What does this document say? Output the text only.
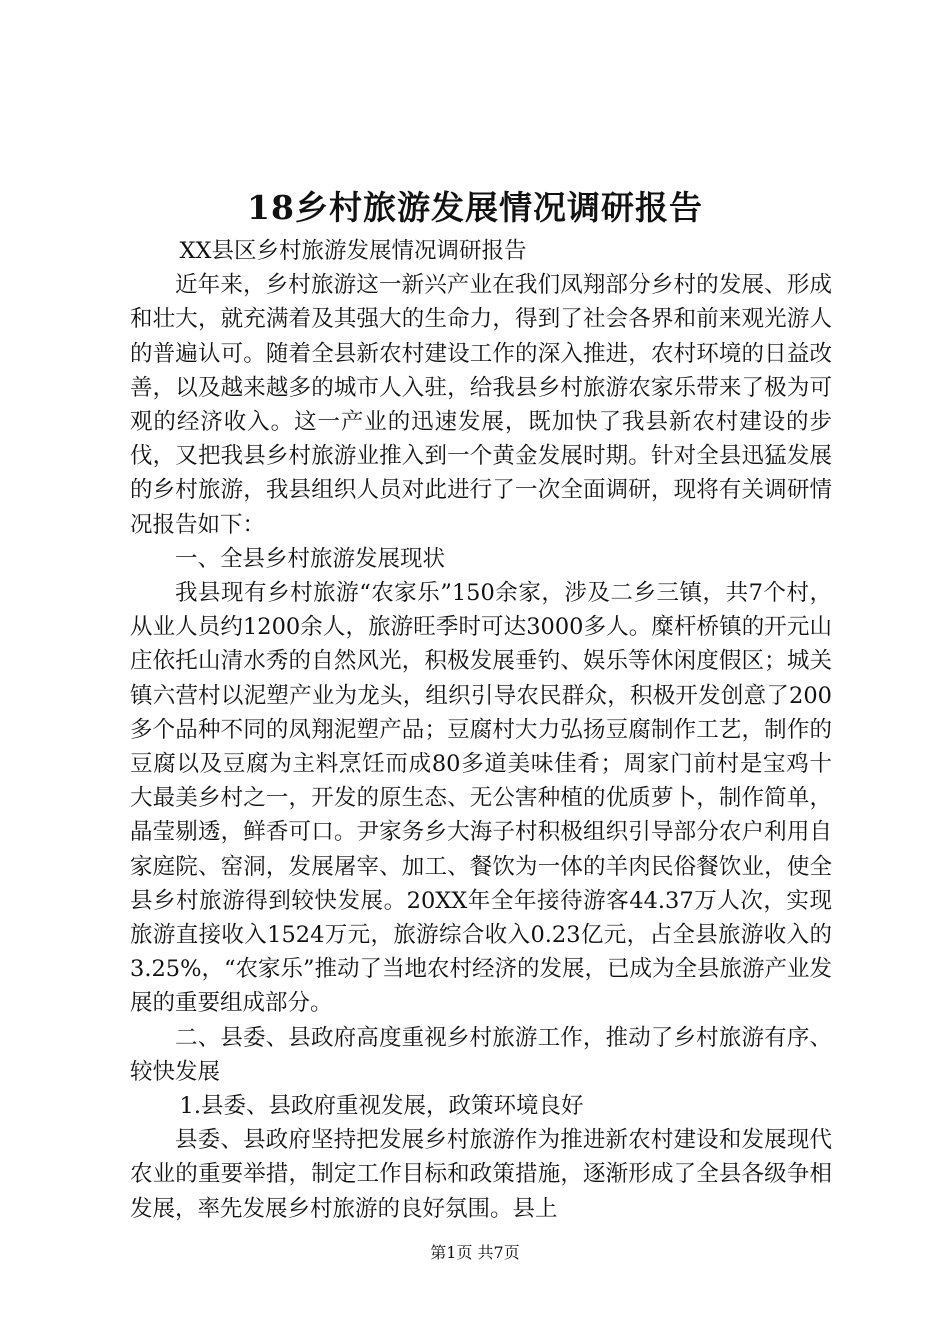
18乡村旅游发展情况调研报告

XX县区乡村旅游发展情况调研报告

近年来，乡村旅游这一新兴产业在我们凤翔部分乡村的发展、形成和壮大，就充满着及其强大的生命力，得到了社会各界和前来观光游人的普遍认可。随着全县新农村建设工作的深入推进，农村环境的日益改善，以及越来越多的城市人入驻，给我县乡村旅游农家乐带来了极为可观的经济收入。这一产业的迅速发展，既加快了我县新农村建设的步伐，又把我县乡村旅游业推入到一个黄金发展时期。针对全县迅猛发展的乡村旅游，我县组织人员对此进行了一次全面调研，现将有关调研情况报告如下：

一、全县乡村旅游发展现状

我县现有乡村旅游“农家乐”150余家，涉及二乡三镇，共7个村，从业人员约1200余人，旅游旺季时可达3000多人。糜杆桥镇的开元山庄依托山清水秀的自然风光，积极发展垂钓、娱乐等休闲度假区；城关镇六营村以泥塑产业为龙头，组织引导农民群众，积极开发创意了200多个品种不同的凤翔泥塑产品；豆腐村大力弘扬豆腐制作工艺，制作的豆腐以及豆腐为主料烹饪而成80多道美味佳肴；周家门前村是宝鸡十大最美乡村之一，开发的原生态、无公害种植的优质萝卜，制作简单，晶莹剔透，鲜香可口。尹家务乡大海子村积极组织引导部分农户利用自家庭院、窑洞，发展屠宰、加工、餐饮为一体的羊肉民俗餐饮业，使全县乡村旅游得到较快发展。20XX年全年接待游客44.37万人次，实现旅游直接收入1524万元，旅游综合收入0.23亿元，占全县旅游收入的3.25%，“农家乐”推动了当地农村经济的发展，已成为全县旅游产业发展的重要组成部分。

二、县委、县政府高度重视乡村旅游工作，推动了乡村旅游有序、较快发展

1.县委、县政府重视发展，政策环境良好

县委、县政府坚持把发展乡村旅游作为推进新农村建设和发展现代农业的重要举措，制定工作目标和政策措施，逐渐形成了全县各级争相发展，率先发展乡村旅游的良好氛围。县上

第1页 共7页
